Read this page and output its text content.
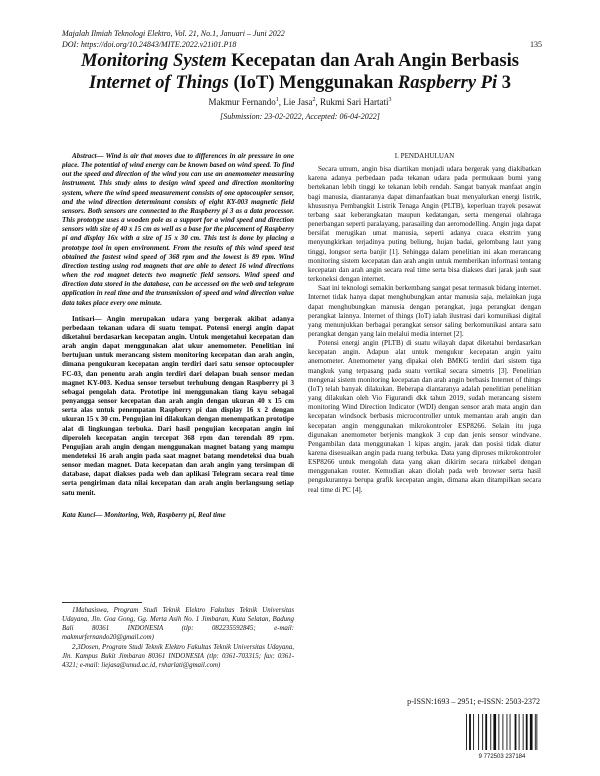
Majalah Ilmiah Teknologi Elektro, Vol. 21, No.1, Januari – Juni 2022
DOI: https://doi.org/10.24843/MITE.2022.v21i01.P18	135
Monitoring System Kecepatan dan Arah Angin Berbasis
Internet of Things (IoT) Menggunakan Raspberry Pi 3
Makmur Fernando$^1$, Lie Jasa$^2$, Rukmi Sari Hartati$^3$
[Submission: 23-02-2022, Accepted: 06-04-2022]

Abstract— Wind is air that moves due to differences in air pressure in one place. The potential of wind energy can be known based on wind speed. To find out the speed and direction of the wind you can use an anemometer measuring instrument. This study aims to design wind speed and direction monitoring system, where the wind speed measurement consists of one optocoupler sensor, and the wind direction determinant consists of eight KY-003 magnetic field sensors. Both sensors are connected to the Raspberry pi 3 as a data processor. This prototype uses a wooden pole as a support for a wind speed and direction sensors with size of 40 x 15 cm as well as a base for the placement of Raspberry pi and display 16x with a size of 15 x 30 cm. This test is done by placing a prototype tool in open environment. From the results of this wind speed test obtained the fastest wind speed of 368 rpm and the lowest is 89 rpm. Wind direction testing using rod magnets that are able to detect 16 wind directions when the rod magnet detects two magnetic field sensors. Wind speed and direction data stored in the database, can be accessed on the web and telegram application in real time and the transmission of speed and wind direction value data takes place every one minute.

Intisari— Angin merupakan udara yang bergerak akibat adanya perbedaan tekanan udara di suatu tempat. Potensi energi angin dapat diketahui berdasarkan kecepatan angin. Untuk mengetahui kecepatan dan arah angin dapat menggunakan alat ukur anemometer. Penelitian ini bertujuan untuk merancang sistem monitoring kecepatan dan arah angin, dimana pengukuran kecepatan angin terdiri dari satu sensor optocoupler FC-03, dan penentu arah angin terdiri dari delapan buah sensor medan magnet KY-003. Kedua sensor tersebut terhubung dengan Raspberry pi 3 sebagai pengolah data. Prototipe ini menggunakan tiang kayu sebagai penyangga sensor kecepatan dan arah angin dengan ukuran 40 x 15 cm serta alas untuk penempatan Raspberry pi dan display 16 x 2 dengan ukuran 15 x 30 cm. Pengujian ini dilakukan dengan menempatkan prototipe alat di lingkungan terbuka. Dari hasil pengujian kecepatan angin ini diperoleh kecepatan angin tercepat 368 rpm dan terendah 89 rpm. Pengujian arah angin dengan menggunakan magnet batang yang mampu mendeteksi 16 arah angin pada saat magnet batang mendeteksi dua buah sensor medan magnet. Data kecepatan dan arah angin yang tersimpan di database, dapat diakses pada web dan aplikasi Telegram secara real time serta pengiriman data nilai kecepatan dan arah angin berlangsung setiap satu menit.

Kata Kunci— Monitoring, Web, Raspberry pi, Real time

1Mahasiswa, Program Studi Teknik Elektro Fakultas Teknik Universitas Udayana, Jln. Goa Gong, Gg. Merta Asih No. 1 Jimbaran, Kuta Selatan, Badung Bali 80361 INDONESIA (tlp: 082235592845; e-mail: makmurfernando20@gmail.com)

2,3Dosen, Program Studi Teknik Elektro Fakultas Teknik Universitas Udayana, Jln. Kampus Bukit Jimbaran 80361 INDONESIA (tlp: 0361-703315; fax: 0361-4321; e-mail: liejasa@unud.ac.id, rsharlati@gmail.com)

I. PENDAHULUAN

Secara umum, angin bisa diartikan menjadi udara bergerak yang diakibatkan karena adanya perbedaan pada tekanan udara pada permukaan bumi yang bertekanan lebih tinggi ke tekanan lebih rendah. Sangat banyak manfaat angin bagi manusia, diantaranya dapat dimanfaatkan buat menyalurkan energi listrik, khususnya Pembangkit Listrik Tenaga Angin (PLTB), keperluan trayek pesawat terbang saat keberangkatan maupun kedatangan, serta mengenai olahraga penerbangan seperti paralayang, parasailing dan aeromodelling. Angin juga dapat bersifat merugikan umat manusia, seperti adanya cuaca ekstrim yang menyungkirkan terjadinya puting beliung, hujan badai, gelombang laut yang tinggi, longsor serta banjir [1]. Sehingga dalam penelitian ini akan merancang monitoring sistem kecepatan dan arah angin untuk memberikan informasi tentang kecepatan dan arah angin secara real time serta bisa diakses dari jarak jauh saat terkoneksi dengan internet.

Saat ini teknologi semakin berkembang sangat pesat termasuk bidang internet. Internet tidak hanya dapat menghubungkan antar manusia saja, melainkan juga dapat menghubungkan manusia dengan perangkat, juga perangkat dengan perangkat lainnya. Internet of things (IoT) ialah ilustrasi dari komunikasi digital yang menunjukkan berbagai perangkat sensor saling berkomunikasi antara satu perangkat dengan yang lain melalui media internet [2].

Potensi energi angin (PLTB) di suatu wilayah dapat diketahui berdasarkan kecepatan angin. Adapun alat untuk mengukur kecepatan angin yaitu anemometer. Anemometer yang dipakai oleh BMKG terdiri dari sistem tiga mangkuk yang terpasang pada suatu vertikal secara simetris [3]. Penelitian mengenai sistem monitoring kecepatan dan arah angin berbasis Internet of things (IoT) telah banyak dilakukan. Beberapa diantaranya adalah penelitian penelitian yang dilakukan oleh Vio Figurandi dkk tahun 2019, sudah merancang sistem monitoring Wind Direction Indicator (WDI) dengan sensor arah mata angin dan kecepatan windsock berbasis microcontroller untuk memantau arah angin dan kecepatan angin menggunakan mikrokontroler ESP8266. Selain itu juga digunakan anemometer berjenis mangkok 3 cup dan jenis sensor windvane. Pengambilan data menggunakan 1 kipas angin, jarak dan posisi tidak diatur karena disesuaikan angin pada ruang terbuka. Data yang diproses mikrokontroler ESP8266 untuk mengolah data yang akan dikirim secara nirkabel dengan menggunakan router. Kemudian akan diolah pada web browser serta hasil pengukurannya berupa grafik kecepatan angin, dimana akan ditampilkan secara real time di PC [4].

p-ISSN:1693 – 2951; e-ISSN: 2503-2372
9 772503 237184
